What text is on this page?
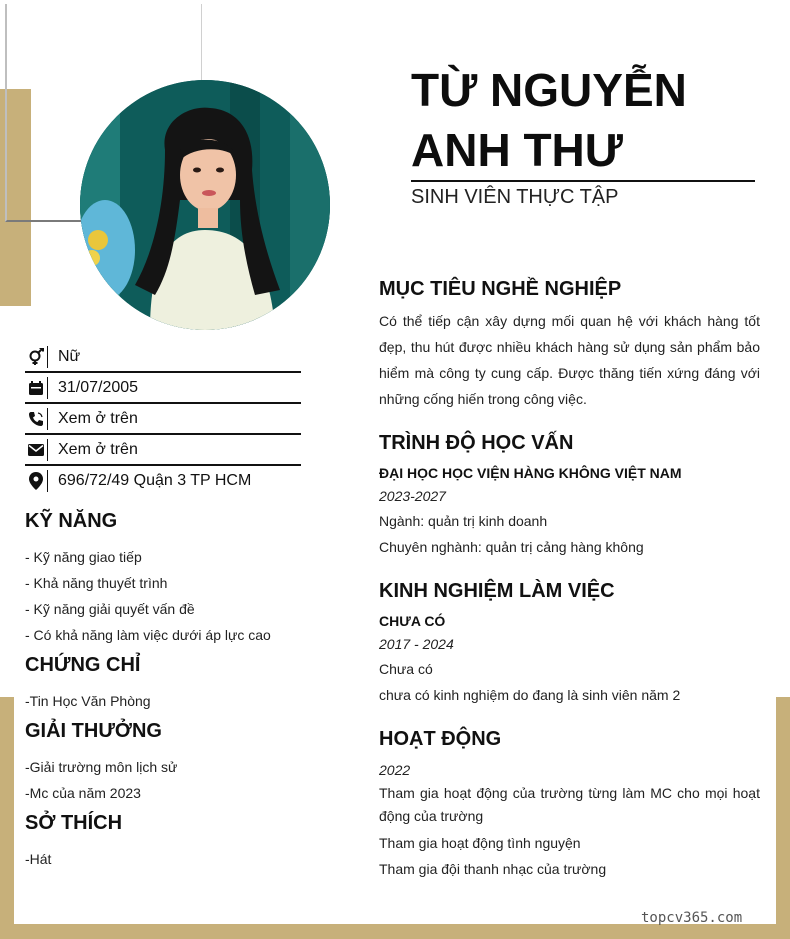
TỪ NGUYỄN
ANH THƯ
SINH VIÊN THỰC TẬP
Nữ
31/07/2005
Xem ở trên
Xem ở trên
696/72/49 Quận 3 TP HCM
KỸ NĂNG
- Kỹ năng giao tiếp
- Khả năng thuyết trình
- Kỹ năng giải quyết vấn đề
- Có khả năng làm việc dưới áp lực cao
CHỨNG CHỈ
-Tin Học Văn Phòng
GIẢI THƯỞNG
-Giải trường môn lịch sử
-Mc của năm 2023
SỞ THÍCH
-Hát
MỤC TIÊU NGHỀ NGHIỆP
Có thể tiếp cận xây dựng mối quan hệ với khách hàng tốt đẹp, thu hút được nhiều khách hàng sử dụng sản phẩm bảo hiểm mà công ty cung cấp. Được thăng tiến xứng đáng với những cống hiến trong công việc.
TRÌNH ĐỘ HỌC VẤN
ĐẠI HỌC HỌC VIỆN HÀNG KHÔNG VIỆT NAM
2023-2027
Ngành: quản trị kinh doanh
Chuyên nghành: quản trị cảng hàng không
KINH NGHIỆM LÀM VIỆC
CHƯA CÓ
2017 - 2024
Chưa có
chưa có kinh nghiệm do đang là sinh viên năm 2
HOẠT ĐỘNG
2022
Tham gia hoạt động của trường từng làm MC cho mọi hoạt động của trường
Tham gia hoạt động tình nguyện
Tham gia đội thanh nhạc của trường
topcv365.com
